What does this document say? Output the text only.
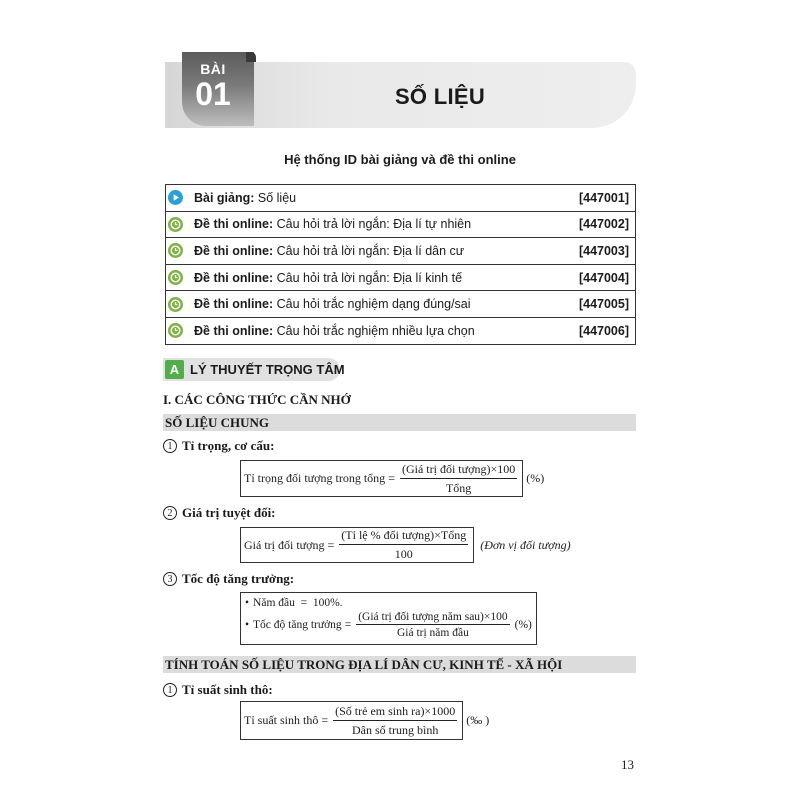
BÀI
01	SỐ LIỆU
Hệ thống ID bài giảng và đề thi online
	Bài giảng: Số liệu	[447001]

	Đề thi online: Câu hỏi trả lời ngắn: Địa lí tự nhiên	[447002]

	Đề thi online: Câu hỏi trả lời ngắn: Địa lí dân cư	[447003]

	Đề thi online: Câu hỏi trả lời ngắn: Địa lí kinh tế	[447004]

	Đề thi online: Câu hỏi trắc nghiệm dạng đúng/sai	[447005]

	Đề thi online: Câu hỏi trắc nghiệm nhiều lựa chọn	[447006]
A LÝ THUYẾT TRỌNG TÂM
I. CÁC CÔNG THỨC CẦN NHỚ
SỐ LIỆU CHUNG
1 Tỉ trọng, cơ cấu:
Tỉ trọng đối tượng trong tổng = $\frac{\text{(Giá trị đối tượng)×100}}{\text{Tổng}}$ (%)
2 Giá trị tuyệt đối:
Giá trị đối tượng = $\frac{\text{(Tỉ lệ \% đối tượng)×Tổng}}{100}$ (Đơn vị đối tượng)
3 Tốc độ tăng trưởng:
• Năm đầu  =  100%.
• Tốc độ tăng trưởng = $\frac{\text{(Giá trị đối tượng năm sau)×100}}{\text{Giá trị năm đầu}}$ (%)
TÍNH TOÁN SỐ LIỆU TRONG ĐỊA LÍ DÂN CƯ, KINH TẾ - XÃ HỘI
1 Tỉ suất sinh thô:
Tỉ suất sinh thô = $\frac{\text{(Số trẻ em sinh ra)×1000}}{\text{Dân số trung bình}}$ (‰ )
13
